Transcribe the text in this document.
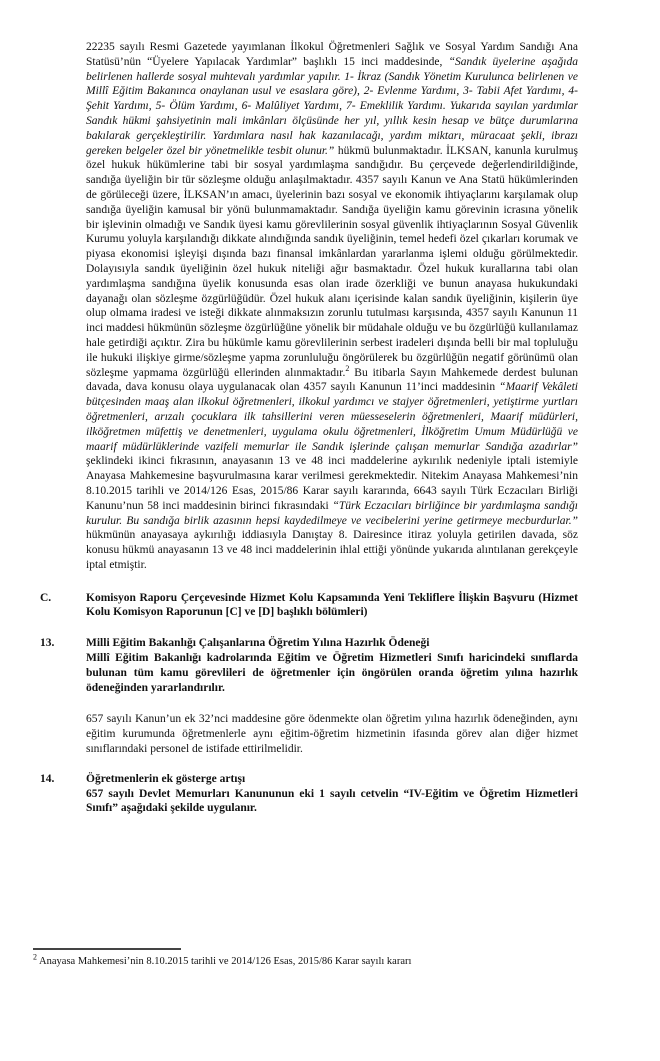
22235 sayılı Resmi Gazetede yayımlanan İlkokul Öğretmenleri Sağlık ve Sosyal Yardım Sandığı Ana Statüsü’nün “Üyelere Yapılacak Yardımlar” başlıklı 15 inci maddesinde, “Sandık üyelerine aşağıda belirlenen hallerde sosyal muhtevalı yardımlar yapılır. 1- İkraz (Sandık Yönetim Kurulunca belirlenen ve Millî Eğitim Bakanınca onaylanan usul ve esaslara göre), 2- Evlenme Yardımı, 3- Tabii Afet Yardımı, 4- Şehit Yardımı, 5- Ölüm Yardımı, 6- Malûliyet Yardımı, 7- Emeklilik Yardımı. Yukarıda sayılan yardımlar Sandık hükmi şahsiyetinin mali imkânları ölçüsünde her yıl, yıllık kesin hesap ve bütçe durumlarına bakılarak gerçekleştirilir. Yardımlara nasıl hak kazanılacağı, yardım miktarı, müracaat şekli, ibrazı gereken belgeler özel bir yönetmelikle tesbit olunur.” hükmü bulunmaktadır. İLKSAN, kanunla kurulmuş özel hukuk hükümlerine tabi bir sosyal yardımlaşma sandığıdır. Bu çerçevede değerlendirildiğinde, sandığa üyeliğin bir tür sözleşme olduğu anlaşılmaktadır. 4357 sayılı Kanun ve Ana Statü hükümlerinden de görüleceği üzere, İLKSAN’ın amacı, üyelerinin bazı sosyal ve ekonomik ihtiyaçlarını karşılamak olup sandığa üyeliğin kamusal bir yönü bulunmamaktadır. Sandığa üyeliğin kamu görevinin icrasına yönelik bir işlevinin olmadığı ve Sandık üyesi kamu görevlilerinin sosyal güvenlik ihtiyaçlarının Sosyal Güvenlik Kurumu yoluyla karşılandığı dikkate alındığında sandık üyeliğinin, temel hedefi özel çıkarları korumak ve piyasa ekonomisi işleyişi dışında bazı finansal imkânlardan yararlanma işlemi olduğu görülmektedir. Dolayısıyla sandık üyeliğinin özel hukuk niteliği ağır basmaktadır. Özel hukuk kurallarına tabi olan yardımlaşma sandığına üyelik konusunda esas olan irade özerkliği ve bunun anayasa hukukundaki dayanağı olan sözleşme özgürlüğüdür. Özel hukuk alanı içerisinde kalan sandık üyeliğinin, kişilerin üye olup olmama iradesi ve isteği dikkate alınmaksızın zorunlu tutulması karşısında, 4357 sayılı Kanunun 11 inci maddesi hükmünün sözleşme özgürlüğüne yönelik bir müdahale olduğu ve bu özgürlüğü kullanılamaz hale getirdiği açıktır. Zira bu hükümle kamu görevlilerinin serbest iradeleri dışında belli bir mal topluluğu ile hukuki ilişkiye girme/sözleşme yapma zorunluluğu öngörülerek bu özgürlüğün negatif görünümü olan sözleşme yapmama özgürlüğü ellerinden alınmaktadır.$^2$ Bu itibarla Sayın Mahkemede derdest bulunan davada, dava konusu olaya uygulanacak olan 4357 sayılı Kanunun 11’inci maddesinin “Maarif Vekâleti bütçesinden maaş alan ilkokul öğretmenleri, ilkokul yardımcı ve stajyer öğretmenleri, yetiştirme yurtları öğretmenleri, arızalı çocuklara ilk tahsillerini veren müesseselerin öğretmenleri, Maarif müdürleri, ilköğretmen müfettiş ve denetmenleri, uygulama okulu öğretmenleri, İlköğretim Umum Müdürlüğü ve maarif müdürlüklerinde vazifeli memurlar ile Sandık işlerinde çalışan memurlar Sandığa azadırlar” şeklindeki ikinci fıkrasının, anayasanın 13 ve 48 inci maddelerine aykırılık nedeniyle iptali istemiyle Anayasa Mahkemesine başvurulmasına karar verilmesi gerekmektedir. Nitekim Anayasa Mahkemesi’nin 8.10.2015 tarihli ve 2014/126 Esas, 2015/86 Karar sayılı kararında, 6643 sayılı Türk Eczacıları Birliği Kanunu’nun 58 inci maddesinin birinci fıkrasındaki “Türk Eczacıları birliğince bir yardımlaşma sandığı kurulur. Bu sandığa birlik azasının hepsi kaydedilmeye ve vecibelerini yerine getirmeye mecburdurlar.” hükmünün anayasaya aykırılığı iddiasıyla Danıştay 8. Dairesince itiraz yoluyla getirilen davada, söz konusu hükmü anayasanın 13 ve 48 inci maddelerinin ihlal ettiği yönünde yukarıda alıntılanan gerekçeyle iptal etmiştir.

C.	Komisyon Raporu Çerçevesinde Hizmet Kolu Kapsamında Yeni Tekliflere İlişkin Başvuru (Hizmet Kolu Komisyon Raporunun [C] ve [D] başlıklı bölümleri)
13.	Milli Eğitim Bakanlığı Çalışanlarına Öğretim Yılına Hazırlık Ödeneği
Millî Eğitim Bakanlığı kadrolarında Eğitim ve Öğretim Hizmetleri Sınıfı haricindeki sınıflarda bulunan tüm kamu görevlileri de öğretmenler için öngörülen oranda öğretim yılına hazırlık ödeneğinden yararlandırılır.
657 sayılı Kanun’un ek 32’nci maddesine göre ödenmekte olan öğretim yılına hazırlık ödeneğinden, aynı eğitim kurumunda öğretmenlerle aynı eğitim-öğretim hizmetinin ifasında görev alan diğer hizmet sınıflarındaki personel de istifade ettirilmelidir.
14.	Öğretmenlerin ek gösterge artışı
657 sayılı Devlet Memurları Kanununun eki 1 sayılı cetvelin “IV-Eğitim ve Öğretim Hizmetleri Sınıfı” aşağıdaki şekilde uygulanır.
$^2$ Anayasa Mahkemesi’nin 8.10.2015 tarihli ve 2014/126 Esas, 2015/86 Karar sayılı kararı
